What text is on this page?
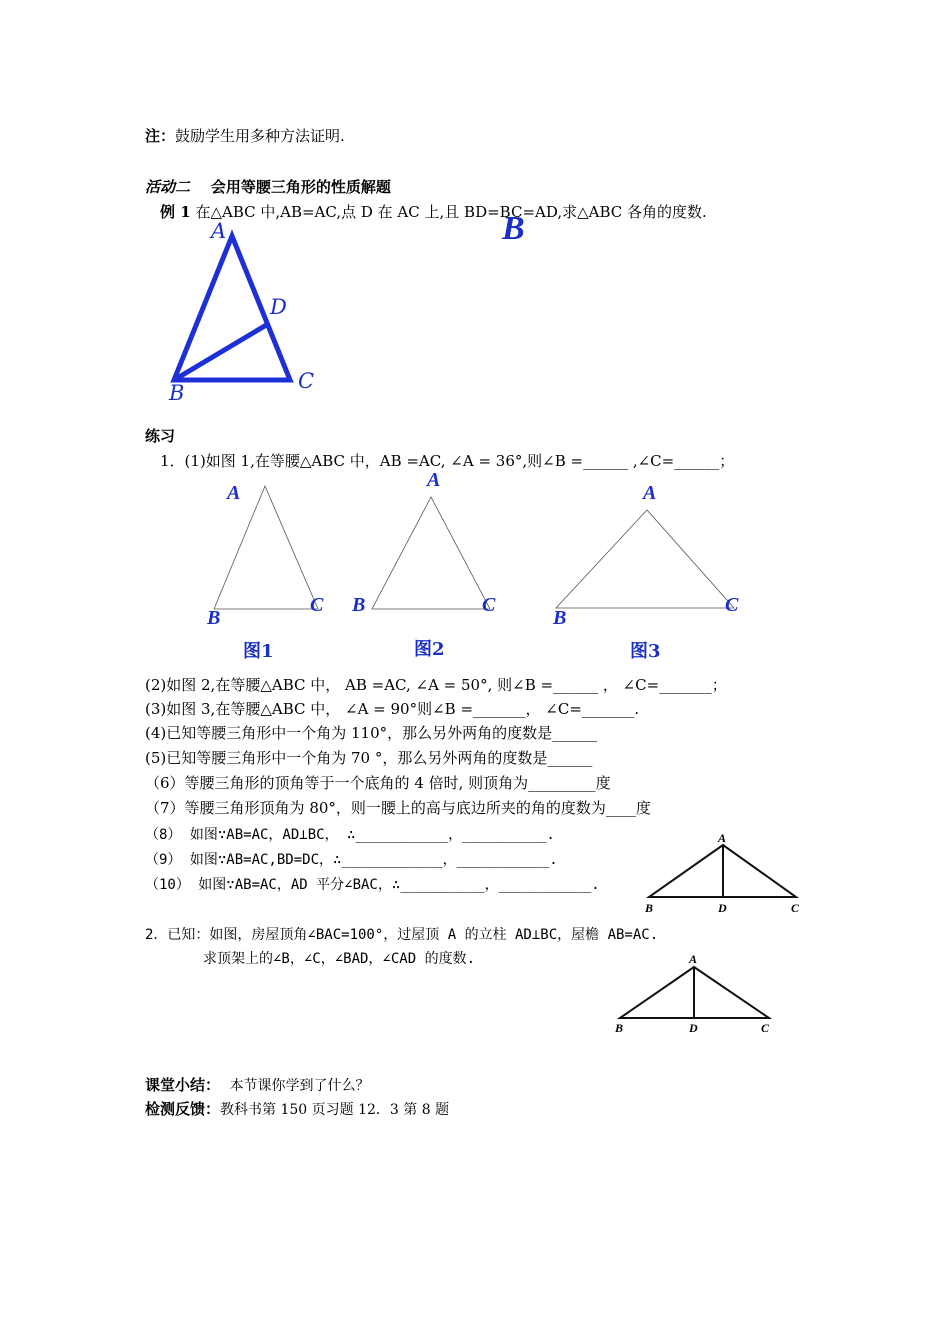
注：鼓励学生用多种方法证明.
活动二 会用等腰三角形的性质解题
例 1 在△ABC 中,AB=AC,点 D 在 AC 上,且 BD=BC=AD,求△ABC 各角的度数.
B
A
D
C
B
练习
1．(1)如图 1,在等腰△ABC 中，AB =AC, ∠A = 36°,则∠B =______ ,∠C=______；
A
B
C
图1
A
B	C
图2
A
B
C
图3
(2)如图 2,在等腰△ABC 中， AB =AC, ∠A = 50°, 则∠B =______ ， ∠C=_______；
(3)如图 3,在等腰△ABC 中， ∠A = 90°则∠B =_______， ∠C=_______.
(4)已知等腰三角形中一个角为 110°，那么另外两角的度数是______
(5)已知等腰三角形中一个角为 70 °，那么另外两角的度数是______
（6）等腰三角形的顶角等于一个底角的 4 倍时, 则顶角为_________度
（7）等腰三角形顶角为 80°，则一腰上的高与底边所夹的角的度数为____度
（8） 如图∵AB=AC，AD⊥BC， ∴___________，__________.
（9） 如图∵AB=AC,BD=DC，∴____________，___________.
（10） 如图∵AB=AC，AD 平分∠BAC，∴__________，___________.
A
B	D	C
2．已知：如图，房屋顶角∠BAC=100°，过屋顶 A 的立柱 AD⊥BC，屋檐 AB=AC.
求顶架上的∠B，∠C，∠BAD，∠CAD 的度数.	A
B	D	C
课堂小结： 本节课你学到了什么？
检测反馈：教科书第 150 页习题 12．3 第 8 题
